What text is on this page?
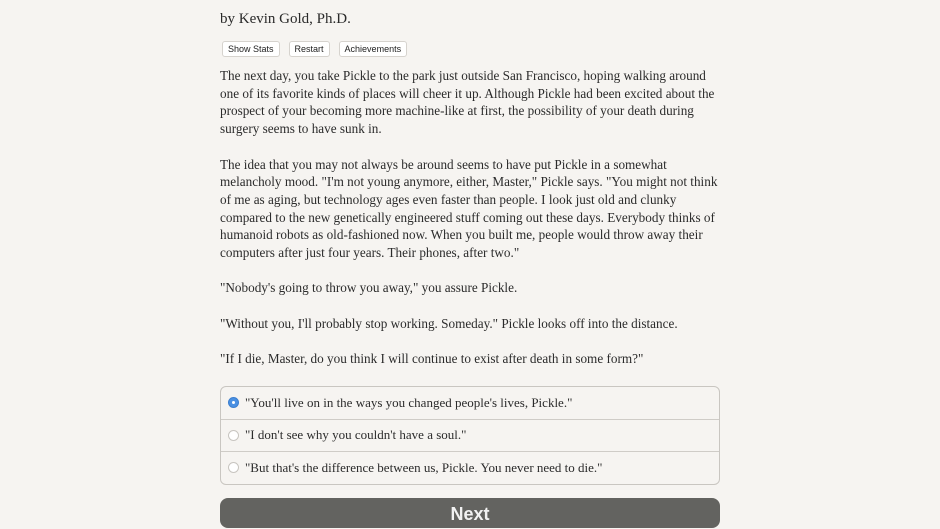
by Kevin Gold, Ph.D.
Show Stats	Restart	Achievements

The next day, you take Pickle to the park just outside San Francisco, hoping walking around one of its favorite kinds of places will cheer it up. Although Pickle had been excited about the prospect of your becoming more machine-like at first, the possibility of your death during surgery seems to have sunk in.

The idea that you may not always be around seems to have put Pickle in a somewhat melancholy mood. "I'm not young anymore, either, Master," Pickle says. "You might not think of me as aging, but technology ages even faster than people. I look just old and clunky compared to the new genetically engineered stuff coming out these days. Everybody thinks of humanoid robots as old-fashioned now. When you built me, people would throw away their computers after just four years. Their phones, after two."

"Nobody's going to throw you away," you assure Pickle.

"Without you, I'll probably stop working. Someday." Pickle looks off into the distance.

"If I die, Master, do you think I will continue to exist after death in some form?"

"You'll live on in the ways you changed people's lives, Pickle."
"I don't see why you couldn't have a soul."
"But that's the difference between us, Pickle. You never need to die."
Next
